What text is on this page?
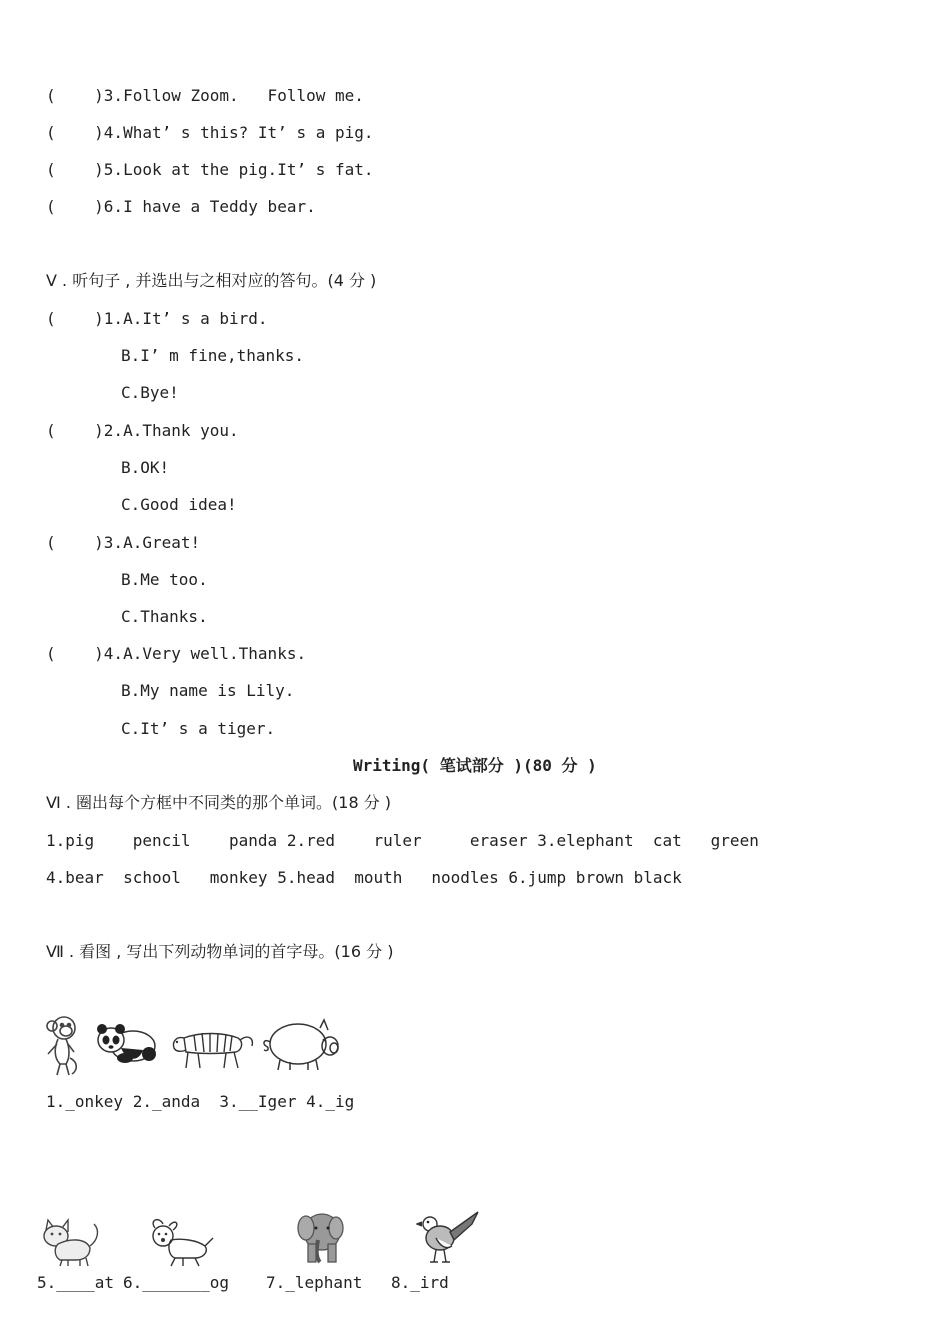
(    )3.Follow Zoom.   Follow me.
(    )4.What’ s this? It’ s a pig.
(    )5.Look at the pig.It’ s fat.
(    )6.I have a Teddy bear.
Ⅴ . 听句子 , 并选出与之相对应的答句。(4 分 )
(    )1.A.It’ s a bird.
B.I’ m fine,thanks.
C.Bye!
(    )2.A.Thank you.
B.OK!
C.Good idea!
(    )3.A.Great!
B.Me too.
C.Thanks.
(    )4.A.Very well.Thanks.
B.My name is Lily.
C.It’ s a tiger.
Writing( 笔试部分 )(80 分 )
Ⅵ . 圈出每个方框中不同类的那个单词。(18 分 )
1.pig    pencil    panda 2.red    ruler     eraser 3.elephant  cat   green
4.bear  school   monkey 5.head  mouth   noodles 6.jump brown black
Ⅶ . 看图 , 写出下列动物单词的首字母。(16 分 )
1._onkey 2._anda  3.__Iger 4._ig
5.____at 6._______og 7._lephant 8._ird
